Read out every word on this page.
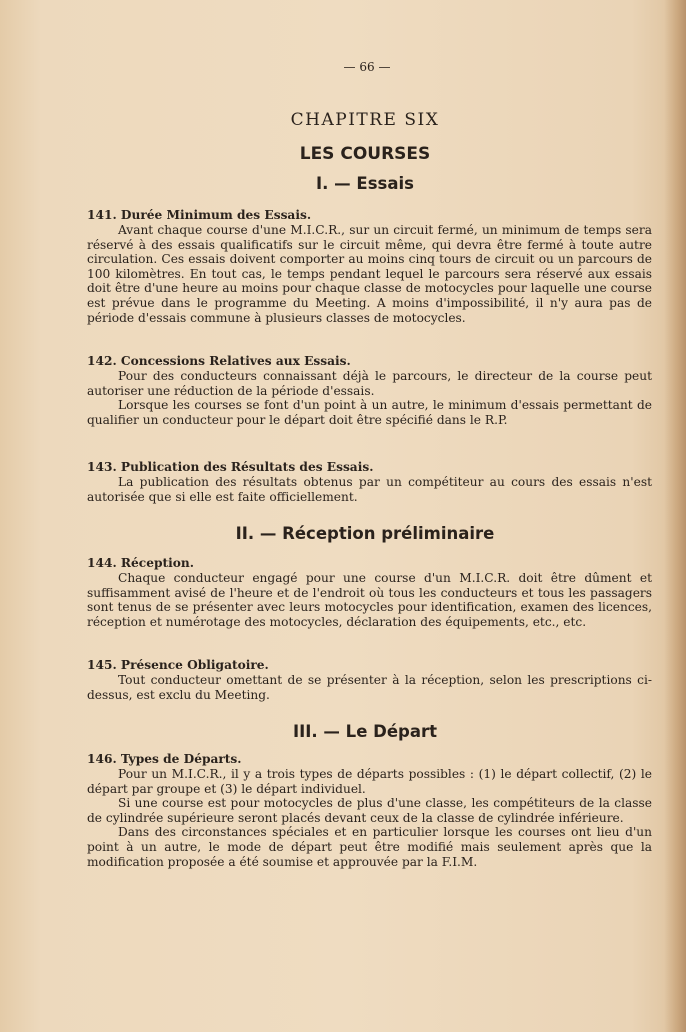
— 66 —
CHAPITRE SIX
LES COURSES
I. — Essais
141. Durée Minimum des Essais.

Avant chaque course d'une M.I.C.R., sur un circuit fermé, un minimum de temps sera réservé à des essais qualificatifs sur le circuit même, qui devra être fermé à toute autre circulation. Ces essais doivent comporter au moins cinq tours de circuit ou un parcours de 100 kilomètres. En tout cas, le temps pendant lequel le parcours sera réservé aux essais doit être d'une heure au moins pour chaque classe de motocycles pour laquelle une course est prévue dans le programme du Meeting. A moins d'impossibilité, il n'y aura pas de période d'essais commune à plusieurs classes de motocycles.

142. Concessions Relatives aux Essais.

Pour des conducteurs connaissant déjà le parcours, le directeur de la course peut autoriser une réduction de la période d'essais.

Lorsque les courses se font d'un point à un autre, le minimum d'essais permettant de qualifier un conducteur pour le départ doit être spécifié dans le R.P.

143. Publication des Résultats des Essais.

La publication des résultats obtenus par un compétiteur au cours des essais n'est autorisée que si elle est faite officiellement.

II. — Réception préliminaire
144. Réception.

Chaque conducteur engagé pour une course d'un M.I.C.R. doit être dûment et suffisamment avisé de l'heure et de l'endroit où tous les conducteurs et tous les passagers sont tenus de se présenter avec leurs motocycles pour identification, examen des licences, réception et numérotage des motocycles, déclaration des équipements, etc., etc.

145. Présence Obligatoire.

Tout conducteur omettant de se présenter à la réception, selon les prescriptions ci-dessus, est exclu du Meeting.

III. — Le Départ
146. Types de Départs.

Pour un M.I.C.R., il y a trois types de départs possibles : (1) le départ collectif, (2) le départ par groupe et (3) le départ individuel.

Si une course est pour motocycles de plus d'une classe, les compétiteurs de la classe de cylindrée supérieure seront placés devant ceux de la classe de cylindrée inférieure.

Dans des circonstances spéciales et en particulier lorsque les courses ont lieu d'un point à un autre, le mode de départ peut être modifié mais seulement après que la modification proposée a été soumise et approuvée par la F.I.M.
